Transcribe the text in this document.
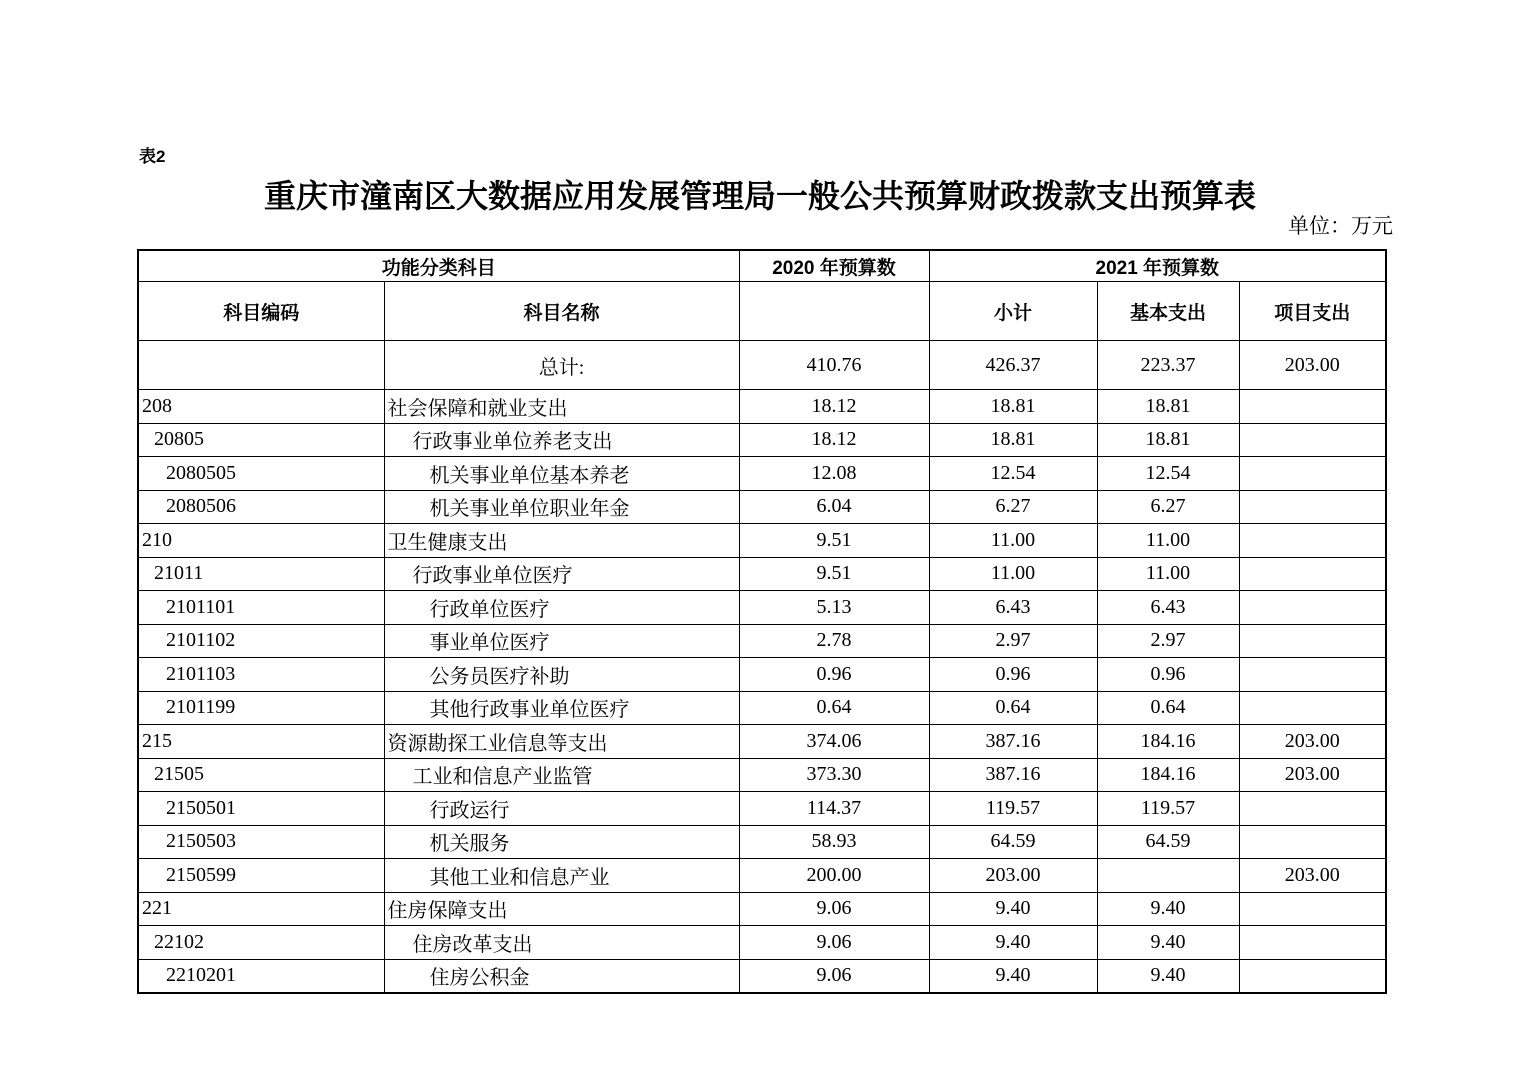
表2
重庆市潼南区大数据应用发展管理局一般公共预算财政拨款支出预算表
单位：万元
功能分类科目		2020 年预算数	2021 年预算数		
科目编码	科目名称		小计	基本支出	项目支出
	总计:	410.76	426.37	223.37	203.00
208	社会保障和就业支出	18.12	18.81	18.81	
20805	行政事业单位养老支出	18.12	18.81	18.81	
2080505	机关事业单位基本养老	12.08	12.54	12.54	
2080506	机关事业单位职业年金	6.04	6.27	6.27	
210	卫生健康支出	9.51	11.00	11.00	
21011	行政事业单位医疗	9.51	11.00	11.00	
2101101	行政单位医疗	5.13	6.43	6.43	
2101102	事业单位医疗	2.78	2.97	2.97	
2101103	公务员医疗补助	0.96	0.96	0.96	
2101199	其他行政事业单位医疗	0.64	0.64	0.64	
215	资源勘探工业信息等支出	374.06	387.16	184.16	203.00
21505	工业和信息产业监管	373.30	387.16	184.16	203.00
2150501	行政运行	114.37	119.57	119.57	
2150503	机关服务	58.93	64.59	64.59	
2150599	其他工业和信息产业	200.00	203.00		203.00
221	住房保障支出	9.06	9.40	9.40	
22102	住房改革支出	9.06	9.40	9.40	
2210201	住房公积金	9.06	9.40	9.40	
